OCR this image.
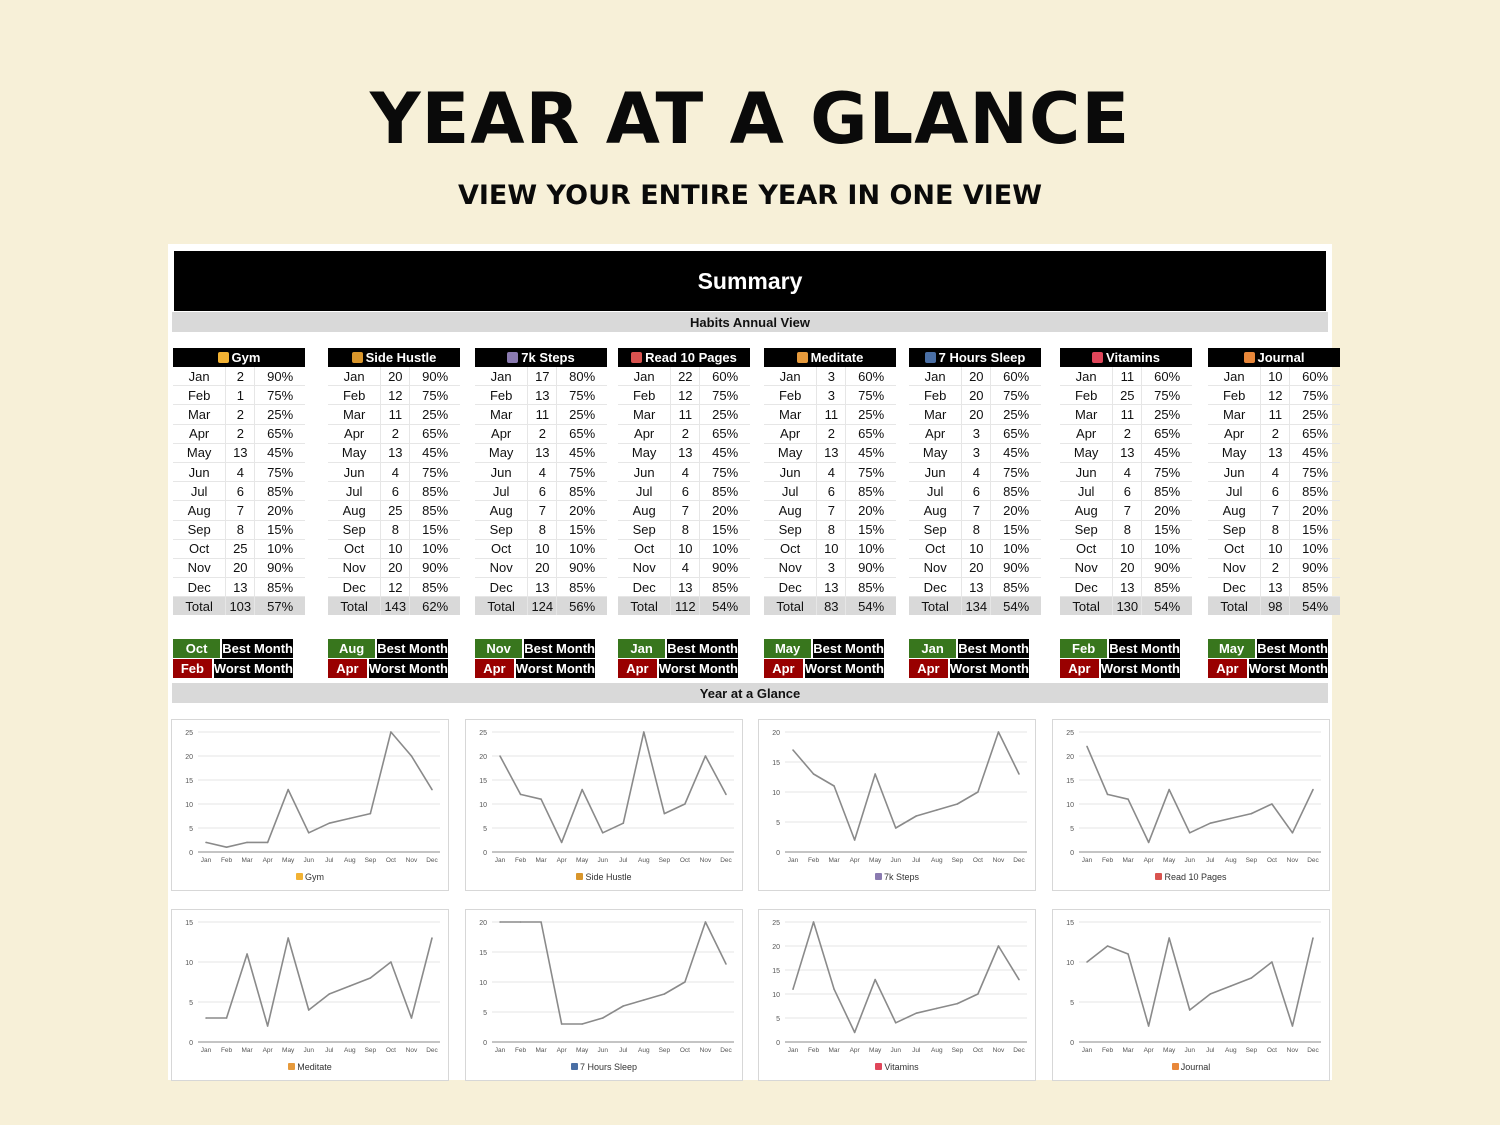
YEAR AT A GLANCE
VIEW YOUR ENTIRE YEAR IN ONE VIEW
Summary
Habits Annual View
Gym		
Jan	2	90%
Feb	1	75%
Mar	2	25%
Apr	2	65%
May	13	45%
Jun	4	75%
Jul	6	85%
Aug	7	20%
Sep	8	15%
Oct	25	10%
Nov	20	90%
Dec	13	85%
Total	103	57%
Side Hustle		
Jan	20	90%
Feb	12	75%
Mar	11	25%
Apr	2	65%
May	13	45%
Jun	4	75%
Jul	6	85%
Aug	25	85%
Sep	8	15%
Oct	10	10%
Nov	20	90%
Dec	12	85%
Total	143	62%
7k Steps		
Jan	17	80%
Feb	13	75%
Mar	11	25%
Apr	2	65%
May	13	45%
Jun	4	75%
Jul	6	85%
Aug	7	20%
Sep	8	15%
Oct	10	10%
Nov	20	90%
Dec	13	85%
Total	124	56%
Read 10 Pages		
Jan	22	60%
Feb	12	75%
Mar	11	25%
Apr	2	65%
May	13	45%
Jun	4	75%
Jul	6	85%
Aug	7	20%
Sep	8	15%
Oct	10	10%
Nov	4	90%
Dec	13	85%
Total	112	54%
Meditate		
Jan	3	60%
Feb	3	75%
Mar	11	25%
Apr	2	65%
May	13	45%
Jun	4	75%
Jul	6	85%
Aug	7	20%
Sep	8	15%
Oct	10	10%
Nov	3	90%
Dec	13	85%
Total	83	54%
7 Hours Sleep		
Jan	20	60%
Feb	20	75%
Mar	20	25%
Apr	3	65%
May	3	45%
Jun	4	75%
Jul	6	85%
Aug	7	20%
Sep	8	15%
Oct	10	10%
Nov	20	90%
Dec	13	85%
Total	134	54%
Vitamins		
Jan	11	60%
Feb	25	75%
Mar	11	25%
Apr	2	65%
May	13	45%
Jun	4	75%
Jul	6	85%
Aug	7	20%
Sep	8	15%
Oct	10	10%
Nov	20	90%
Dec	13	85%
Total	130	54%
Journal		
Jan	10	60%
Feb	12	75%
Mar	11	25%
Apr	2	65%
May	13	45%
Jun	4	75%
Jul	6	85%
Aug	7	20%
Sep	8	15%
Oct	10	10%
Nov	2	90%
Dec	13	85%
Total	98	54%
Oct	Best Month
Feb Worst Month
Aug Best Month
Apr Worst Month
Nov	Best Month
Apr Worst Month
Jan	Best Month
Apr Worst Month
May Best Month
Apr Worst Month
Jan	Best Month
Apr Worst Month
Feb	Best Month
Apr Worst Month
May Best Month
Apr Worst Month
Year at a Glance
0
5
10
15
20
25
Jan Feb Mar Apr May Jun Jul Aug Sep Oct Nov Dec
Gym
0
5
10
15
20
25
Jan Feb Mar Apr May Jun Jul Aug Sep Oct Nov Dec
Side Hustle
0
5
10
15
20
Jan Feb Mar Apr May Jun Jul Aug Sep Oct Nov Dec
7k Steps
0
5
10
15
20
25
Jan Feb Mar Apr May Jun Jul Aug Sep Oct Nov Dec
Read 10 Pages
0
5
10
15
Jan Feb Mar Apr May Jun Jul Aug Sep Oct Nov Dec
Meditate
0
5
10
15
20
Jan Feb Mar Apr May Jun Jul Aug Sep Oct Nov Dec
7 Hours Sleep
0
5
10
15
20
25
Jan Feb Mar Apr May Jun Jul Aug Sep Oct Nov Dec
Vitamins
0
5
10
15
Jan Feb Mar Apr May Jun Jul Aug Sep Oct Nov Dec
Journal
